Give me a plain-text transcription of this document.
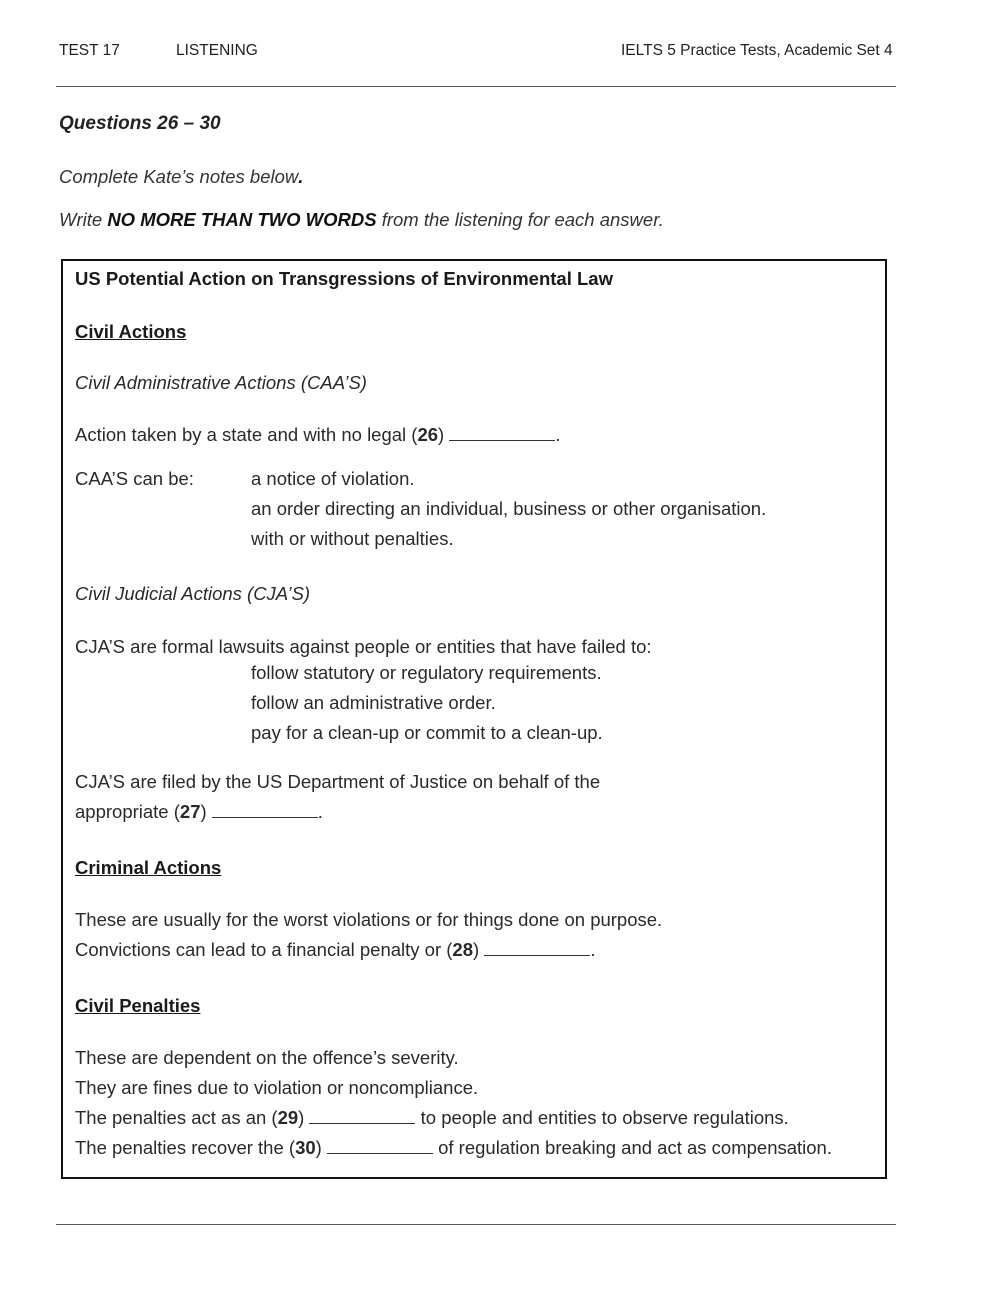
TEST 17	LISTENING	IELTS 5 Practice Tests, Academic Set 4
Questions 26 – 30
Complete Kate’s notes below.
Write NO MORE THAN TWO WORDS from the listening for each answer.
US Potential Action on Transgressions of Environmental Law
Civil Actions
Civil Administrative Actions (CAA’S)
Action taken by a state and with no legal (26)	.
CAA’S can be:	a notice of violation.
an order directing an individual, business or other organisation.
with or without penalties.
Civil Judicial Actions (CJA’S)
CJA’S are formal lawsuits against people or entities that have failed to:
follow statutory or regulatory requirements.
follow an administrative order.
pay for a clean-up or commit to a clean-up.
CJA’S are filed by the US Department of Justice on behalf of the
appropriate (27)	.
Criminal Actions
These are usually for the worst violations or for things done on purpose.
Convictions can lead to a financial penalty or (28)	.
Civil Penalties
These are dependent on the offence’s severity.
They are fines due to violation or noncompliance.
The penalties act as an (29)	to people and entities to observe regulations.
The penalties recover the (30)	of regulation breaking and act as compensation.
